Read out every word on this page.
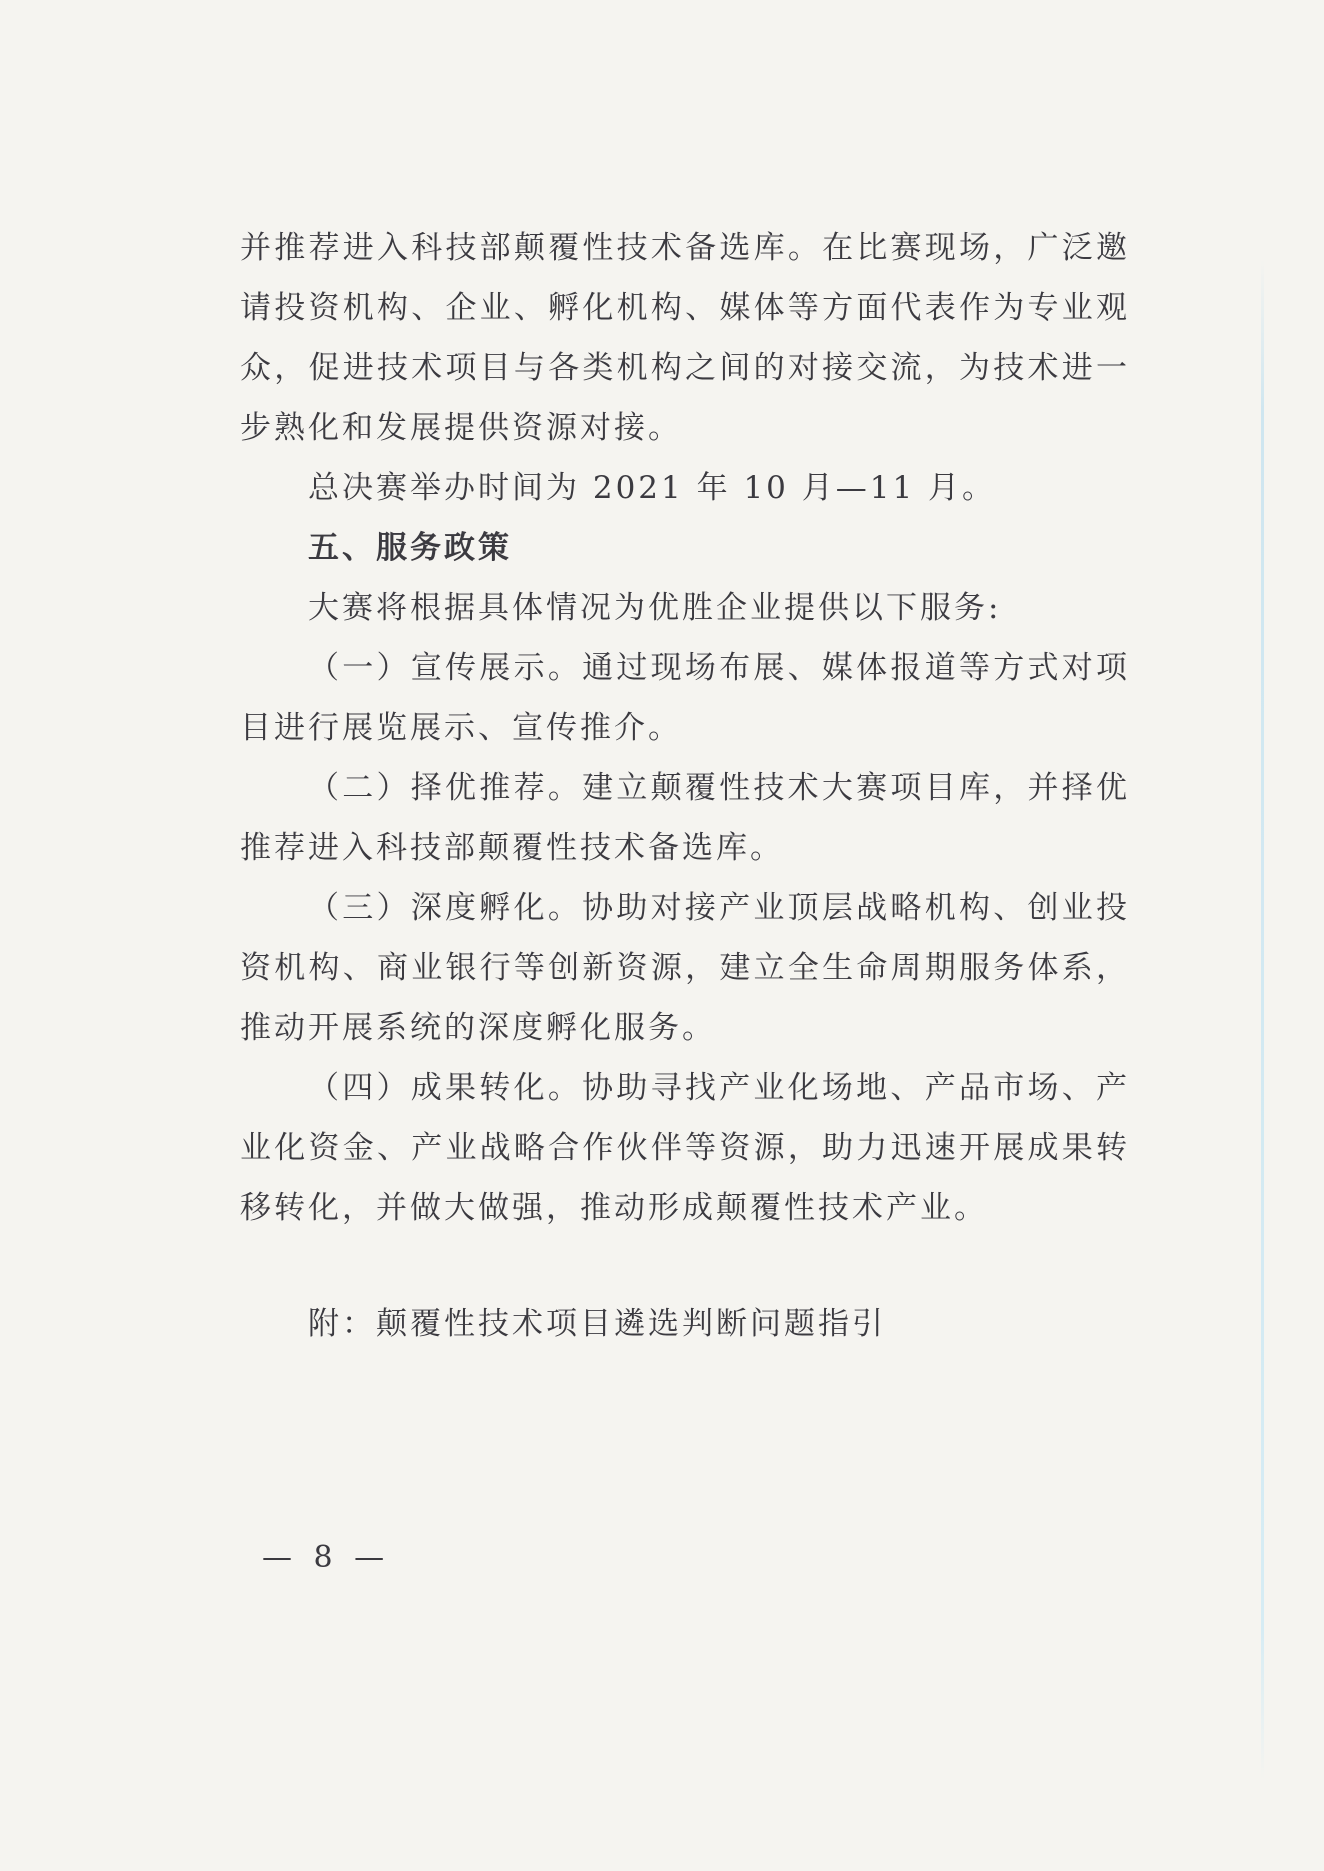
并推荐进入科技部颠覆性技术备选库。在比赛现场，广泛邀请投资机构、企业、孵化机构、媒体等方面代表作为专业观众，促进技术项目与各类机构之间的对接交流，为技术进一步熟化和发展提供资源对接。

总决赛举办时间为 2021 年 10 月—11 月。

五、服务政策

大赛将根据具体情况为优胜企业提供以下服务:

（一）宣传展示。通过现场布展、媒体报道等方式对项目进行展览展示、宣传推介。

（二）择优推荐。建立颠覆性技术大赛项目库，并择优推荐进入科技部颠覆性技术备选库。

（三）深度孵化。协助对接产业顶层战略机构、创业投资机构、商业银行等创新资源，建立全生命周期服务体系，推动开展系统的深度孵化服务。

（四）成果转化。协助寻找产业化场地、产品市场、产业化资金、产业战略合作伙伴等资源，助力迅速开展成果转移转化，并做大做强，推动形成颠覆性技术产业。

附：颠覆性技术项目遴选判断问题指引

— 8 —
